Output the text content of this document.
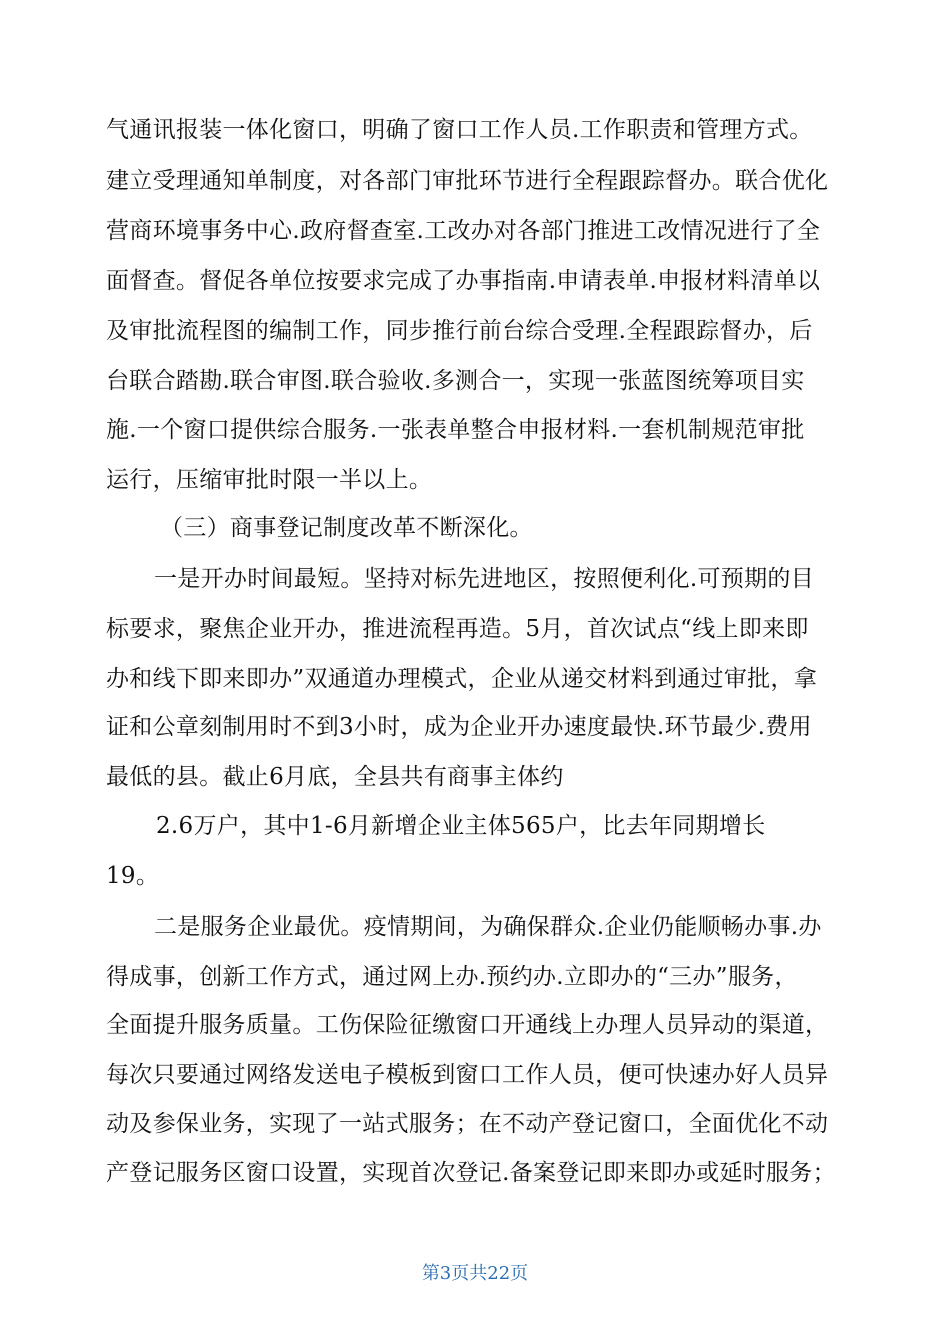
气通讯报装一体化窗口，明确了窗口工作人员.工作职责和管理方式。
建立受理通知单制度，对各部门审批环节进行全程跟踪督办。联合优化
营商环境事务中心.政府督查室.工改办对各部门推进工改情况进行了全
面督查。督促各单位按要求完成了办事指南.申请表单.申报材料清单以
及审批流程图的编制工作，同步推行前台综合受理.全程跟踪督办，后
台联合踏勘.联合审图.联合验收.多测合一，实现一张蓝图统筹项目实
施.一个窗口提供综合服务.一张表单整合申报材料.一套机制规范审批
运行，压缩审批时限一半以上。
（三）商事登记制度改革不断深化。
一是开办时间最短。坚持对标先进地区，按照便利化.可预期的目
标要求，聚焦企业开办，推进流程再造。5月，首次试点“线上即来即
办和线下即来即办”双通道办理模式，企业从递交材料到通过审批，拿
证和公章刻制用时不到3小时，成为企业开办速度最快.环节最少.费用
最低的县。截止6月底，全县共有商事主体约
2.6万户，其中1-6月新增企业主体565户，比去年同期增长
19。
二是服务企业最优。疫情期间，为确保群众.企业仍能顺畅办事.办
得成事，创新工作方式，通过网上办.预约办.立即办的“三办”服务，
全面提升服务质量。工伤保险征缴窗口开通线上办理人员异动的渠道，
每次只要通过网络发送电子模板到窗口工作人员，便可快速办好人员异
动及参保业务，实现了一站式服务；在不动产登记窗口，全面优化不动
产登记服务区窗口设置，实现首次登记.备案登记即来即办或延时服务；
第3页共22页
